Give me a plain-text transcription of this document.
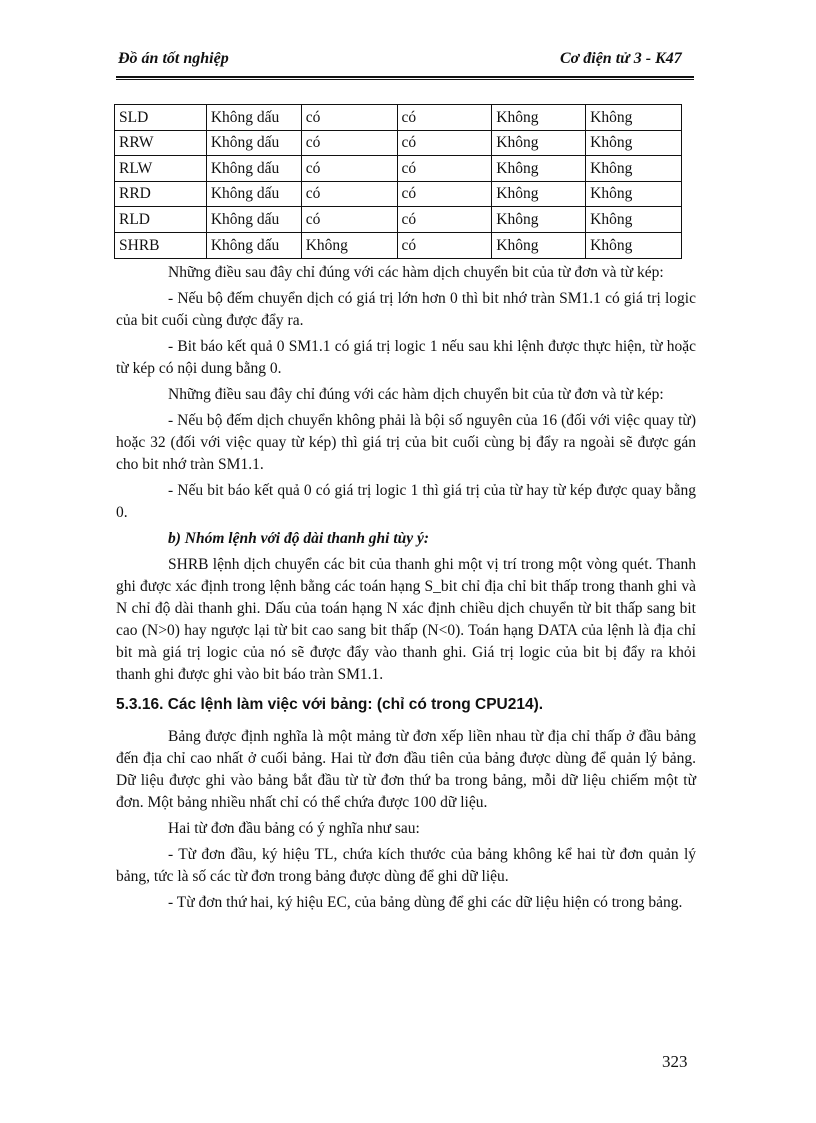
Đồ án tốt nghiệp	Cơ điện tử 3 - K47
SLD	Không dấu	có	có	Không	Không
RRW	Không dấu	có	có	Không	Không
RLW	Không dấu	có	có	Không	Không
RRD	Không dấu	có	có	Không	Không
RLD	Không dấu	có	có	Không	Không
SHRB	Không dấu	Không	có	Không	Không

Những điều sau đây chỉ đúng với các hàm dịch chuyển bit của từ đơn và từ kép:

- Nếu bộ đếm chuyển dịch có giá trị lớn hơn 0 thì bit nhớ tràn SM1.1 có giá trị logic của bit cuối cùng được đẩy ra.

- Bit báo kết quả 0 SM1.1 có giá trị logic 1 nếu sau khi lệnh được thực hiện, từ hoặc từ kép có nội dung bằng 0.

Những điều sau đây chỉ đúng với các hàm dịch chuyển bit của từ đơn và từ kép:

- Nếu bộ đếm dịch chuyển không phải là bội số nguyên của 16 (đối với việc quay từ) hoặc 32 (đối với việc quay từ kép) thì giá trị của bit cuối cùng bị đẩy ra ngoài sẽ được gán cho bit nhớ tràn SM1.1.

- Nếu bit báo kết quả 0 có giá trị logic 1 thì giá trị của từ hay từ kép được quay bằng 0.

b) Nhóm lệnh với độ dài thanh ghi tùy ý:

SHRB lệnh dịch chuyển các bit của thanh ghi một vị trí trong một vòng quét. Thanh ghi được xác định trong lệnh bằng các toán hạng S_bit chỉ địa chỉ bit thấp trong thanh ghi và N chỉ độ dài thanh ghi. Dấu của toán hạng N xác định chiều dịch chuyển từ bit thấp sang bit cao (N>0) hay ngược lại từ bit cao sang bit thấp (N<0). Toán hạng DATA của lệnh là địa chỉ bit mà giá trị logic của nó sẽ được đẩy vào thanh ghi. Giá trị logic của bit bị đẩy ra khỏi thanh ghi được ghi vào bit báo tràn SM1.1.

5.3.16. Các lệnh làm việc với bảng: (chỉ có trong CPU214).

Bảng được định nghĩa là một mảng từ đơn xếp liền nhau từ địa chỉ thấp ở đầu bảng đến địa chỉ cao nhất ở cuối bảng. Hai từ đơn đầu tiên của bảng được dùng để quản lý bảng. Dữ liệu được ghi vào bảng bắt đầu từ từ đơn thứ ba trong bảng, mỗi dữ liệu chiếm một từ đơn. Một bảng nhiều nhất chỉ có thể chứa được 100 dữ liệu.

Hai từ đơn đầu bảng có ý nghĩa như sau:

- Từ đơn đầu, ký hiệu TL, chứa kích thước của bảng không kể hai từ đơn quản lý bảng, tức là số các từ đơn trong bảng được dùng để ghi dữ liệu.

- Từ đơn thứ hai, ký hiệu EC, của bảng dùng để ghi các dữ liệu hiện có trong bảng.

323
